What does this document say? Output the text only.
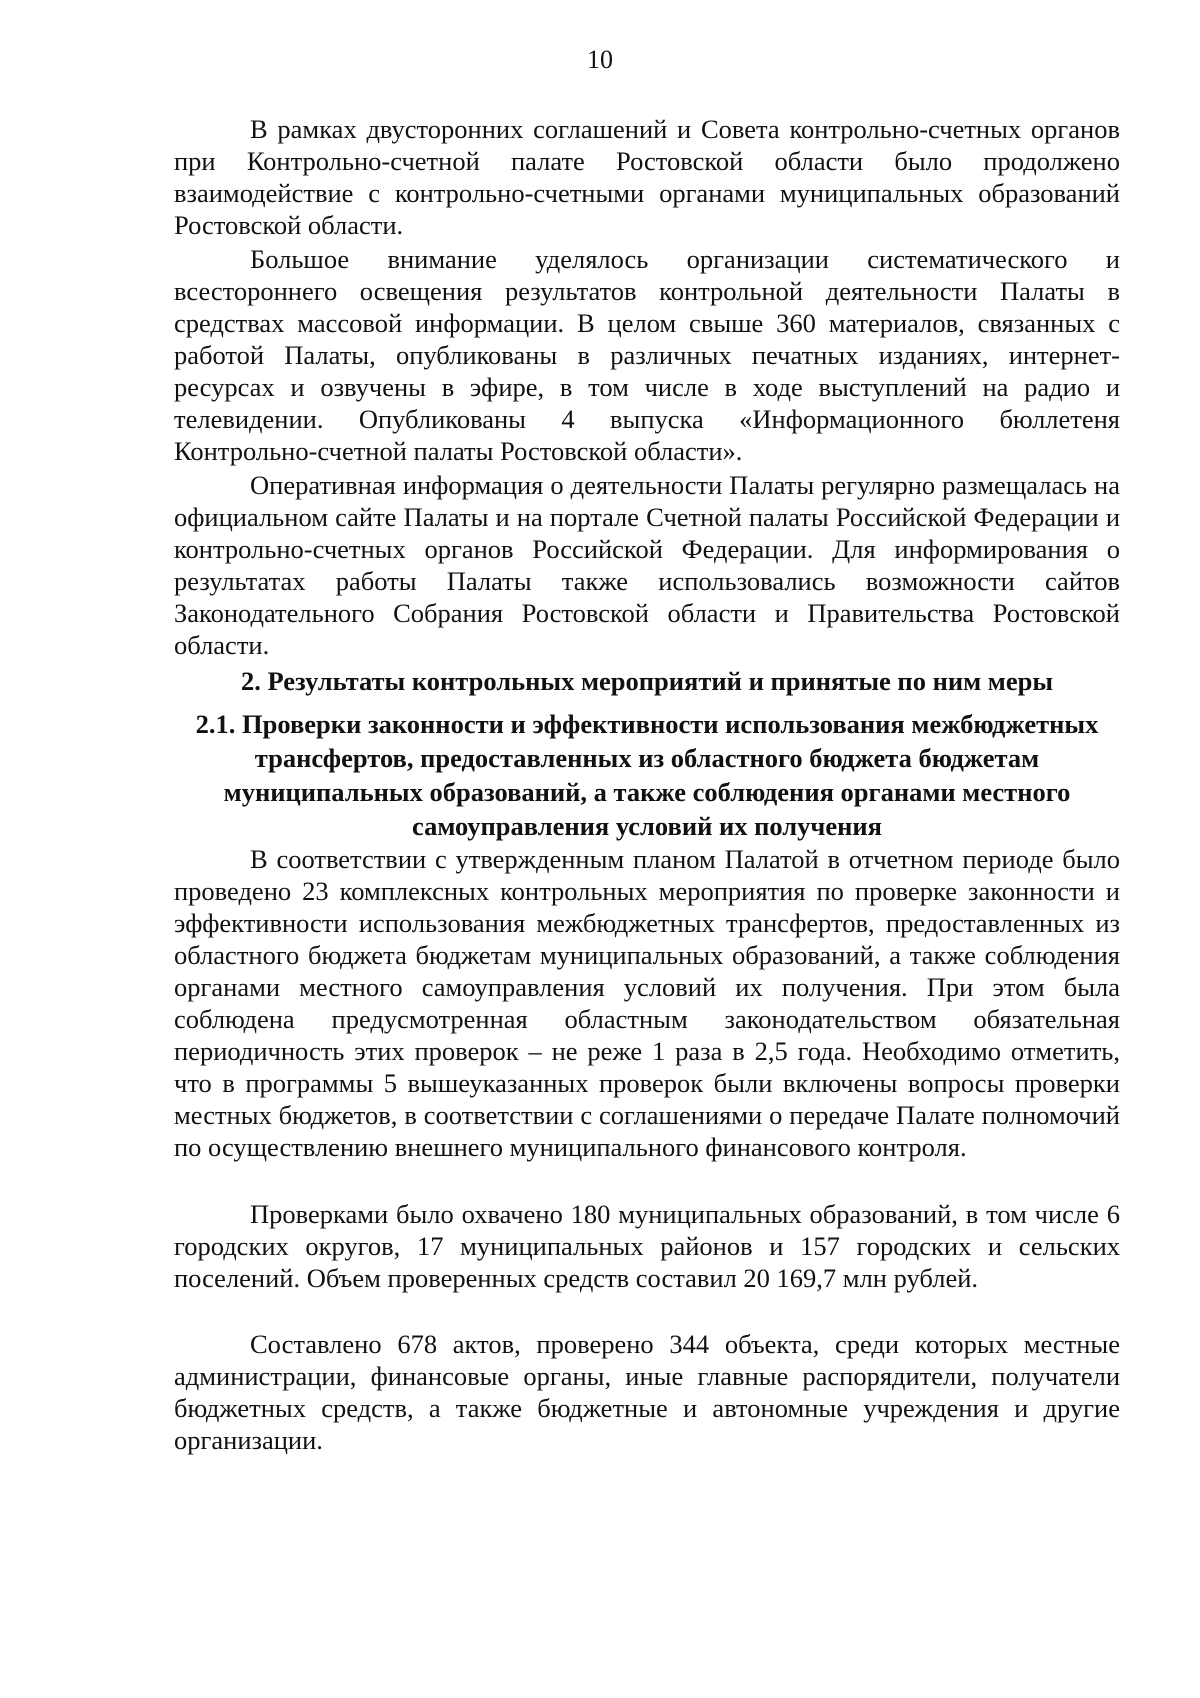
10

В рамках двусторонних соглашений и Совета контрольно-счетных органов при Контрольно-счетной палате Ростовской области было продолжено взаимодействие с контрольно-счетными органами муниципальных образований Ростовской области.

Большое внимание уделялось организации систематического и всестороннего освещения результатов контрольной деятельности Палаты в средствах массовой информации. В целом свыше 360 материалов, связанных с работой Палаты, опубликованы в различных печатных изданиях, интернет-ресурсах и озвучены в эфире, в том числе в ходе выступлений на радио и телевидении. Опубликованы 4 выпуска «Информационного бюллетеня Контрольно-счетной палаты Ростовской области».

Оперативная информация о деятельности Палаты регулярно размещалась на официальном сайте Палаты и на портале Счетной палаты Российской Федерации и контрольно-счетных органов Российской Федерации. Для информирования о результатах работы Палаты также использовались возможности сайтов Законодательного Собрания Ростовской области и Правительства Ростовской области.

2. Результаты контрольных мероприятий и принятые по ним меры
2.1. Проверки законности и эффективности использования межбюджетных трансфертов, предоставленных из областного бюджета бюджетам муниципальных образований, а также соблюдения органами местного самоуправления условий их получения

В соответствии с утвержденным планом Палатой в отчетном периоде было проведено 23 комплексных контрольных мероприятия по проверке законности и эффективности использования межбюджетных трансфертов, предоставленных из областного бюджета бюджетам муниципальных образований, а также соблюдения органами местного самоуправления условий их получения. При этом была соблюдена предусмотренная областным законодательством обязательная периодичность этих проверок – не реже 1 раза в 2,5 года. Необходимо отметить, что в программы 5 вышеуказанных проверок были включены вопросы проверки местных бюджетов, в соответствии с соглашениями о передаче Палате полномочий по осуществлению внешнего муниципального финансового контроля.

Проверками было охвачено 180 муниципальных образований, в том числе 6 городских округов, 17 муниципальных районов и 157 городских и сельских поселений. Объем проверенных средств составил 20 169,7 млн рублей.

Составлено 678 актов, проверено 344 объекта, среди которых местные администрации, финансовые органы, иные главные распорядители, получатели бюджетных средств, а также бюджетные и автономные учреждения и другие организации.
